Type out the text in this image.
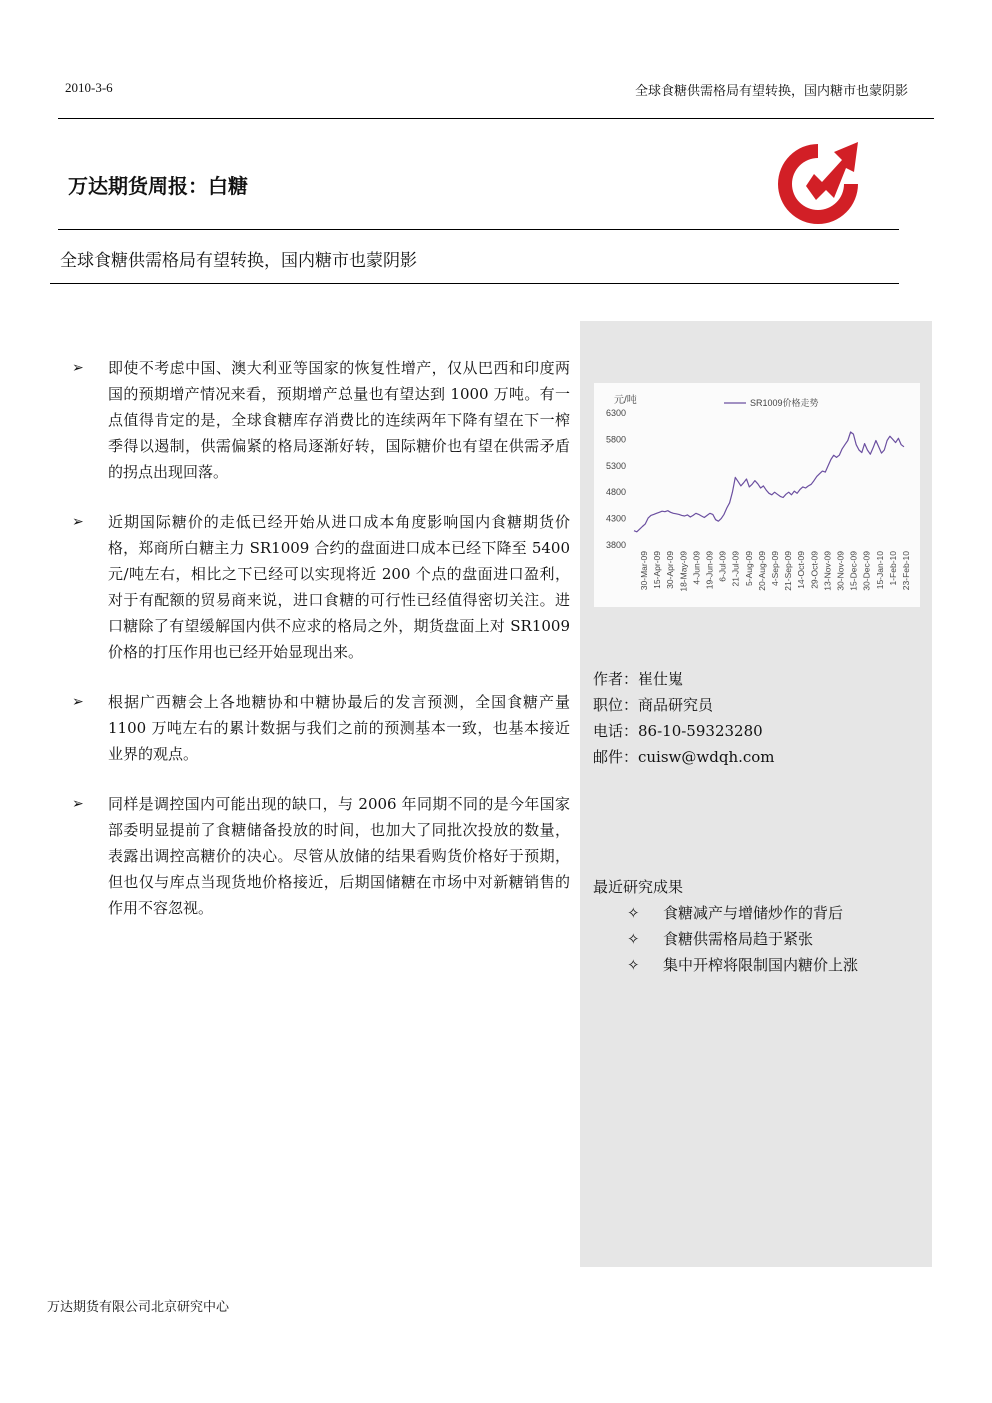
2010-3-6	全球食糖供需格局有望转换，国内糖市也蒙阴影
万达期货周报：白糖
全球食糖供需格局有望转换，国内糖市也蒙阴影
元/吨
3800
4300
4800
5300
5800
6300
30-Mar-09 15-Apr-09 30-Apr-09 18-May-09 4-Jun-09 19-Jun-09 6-Jul-09 21-Jul-09 5-Aug-09 20-Aug-09 4-Sep-09 21-Sep-09 14-Oct-09 29-Oct-09 13-Nov-09 30-Nov-09 15-Dec-09 30-Dec-09 15-Jan-10 1-Feb-10 23-Feb-10
SR1009价格走势
➢ 即使不考虑中国、澳大利亚等国家的恢复性增产，仅从巴西和印度两国的预期增产情况来看，预期增产总量也有望达到 1000 万吨。有一点值得肯定的是，全球食糖库存消费比的连续两年下降有望在下一榨季得以遏制，供需偏紧的格局逐渐好转，国际糖价也有望在供需矛盾的拐点出现回落。
➢ 近期国际糖价的走低已经开始从进口成本角度影响国内食糖期货价格，郑商所白糖主力 SR1009 合约的盘面进口成本已经下降至 5400 元/吨左右，相比之下已经可以实现将近 200 个点的盘面进口盈利，对于有配额的贸易商来说，进口食糖的可行性已经值得密切关注。进口糖除了有望缓解国内供不应求的格局之外，期货盘面上对 SR1009 价格的打压作用也已经开始显现出来。
➢ 根据广西糖会上各地糖协和中糖协最后的发言预测，全国食糖产量 1100 万吨左右的累计数据与我们之前的预测基本一致，也基本接近业界的观点。
➢ 同样是调控国内可能出现的缺口，与 2006 年同期不同的是今年国家部委明显提前了食糖储备投放的时间，也加大了同批次投放的数量，表露出调控高糖价的决心。尽管从放储的结果看购货价格好于预期，但也仅与库点当现货地价格接近，后期国储糖在市场中对新糖销售的作用不容忽视。
作者：崔仕嵬
职位：商品研究员
电话：86-10-59323280
邮件：cuisw@wdqh.com
最近研究成果
✧ 食糖减产与增储炒作的背后
✧ 食糖供需格局趋于紧张
✧ 集中开榨将限制国内糖价上涨
万达期货有限公司北京研究中心
